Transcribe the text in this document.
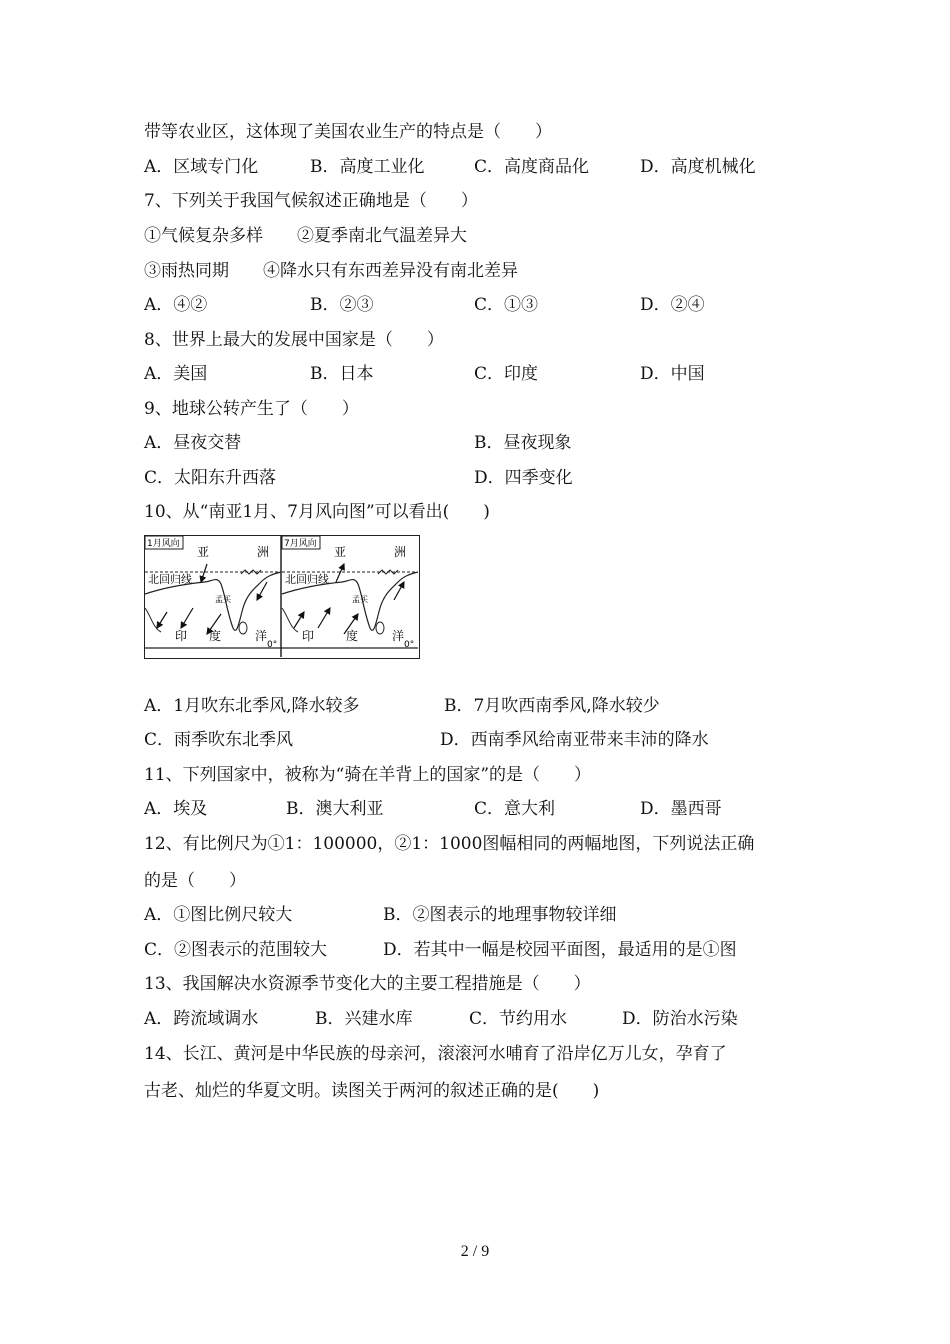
带等农业区，这体现了美国农业生产的特点是（　　）
A．区域专门化	B．高度工业化	C．高度商品化	D．高度机械化
7、下列关于我国气候叙述正确地是（　　）
①气候复杂多样　　②夏季南北气温差异大
③雨热同期　　④降水只有东西差异没有南北差异
A．④②	B．②③	C．①③	D．②④
8、世界上最大的发展中国家是（　　）
A．美国	B．日本	C．印度	D．中国
9、地球公转产生了（　　）
A．昼夜交替	B．昼夜现象
C．太阳东升西落	D．四季变化
10、从“南亚1月、7月风向图”可以看出(　　)
1月风向
亚	洲
北回归线
孟买
印 度	洋
0°
7月风向
亚	洲
北回归线
孟买
印	度	洋
0°
A．1月吹东北季风,降水较多	B．7月吹西南季风,降水较少
C．雨季吹东北季风	D．西南季风给南亚带来丰沛的降水
11、下列国家中，被称为“骑在羊背上的国家”的是（　　）
A．埃及	B．澳大利亚	C．意大利	D．墨西哥
12、有比例尺为①1：100000，②1：1000图幅相同的两幅地图，下列说法正确
的是（　　）
A．①图比例尺较大	B．②图表示的地理事物较详细
C．②图表示的范围较大	D．若其中一幅是校园平面图，最适用的是①图
13、我国解决水资源季节变化大的主要工程措施是（　　）
A．跨流域调水	B．兴建水库	C．节约用水	D．防治水污染
14、长江、黄河是中华民族的母亲河，滚滚河水哺育了沿岸亿万儿女，孕育了
古老、灿烂的华夏文明。读图关于两河的叙述正确的是(　　)
2 / 9
